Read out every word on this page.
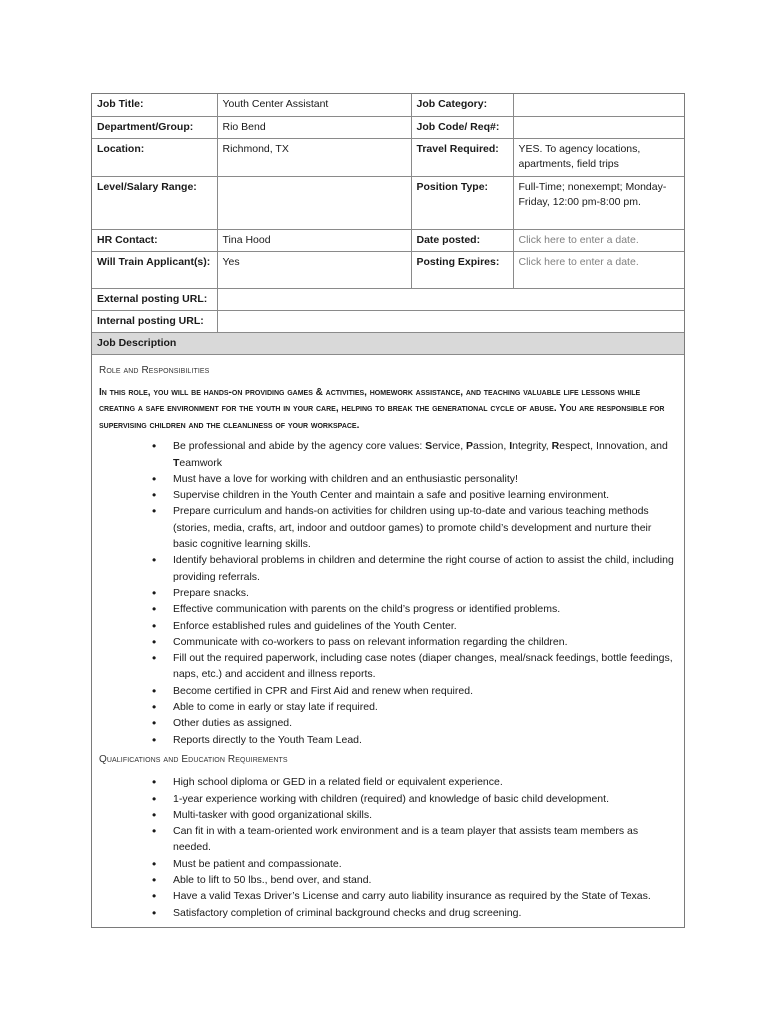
Job Title:	Youth Center Assistant	Job Category:	
Department/Group:	Rio Bend	Job Code/ Req#:	
Location:	Richmond, TX	Travel Required:	YES. To agency locations, apartments, field trips
Level/Salary Range:		Position Type:	Full-Time; nonexempt; Monday-Friday, 12:00 pm-8:00 pm.
HR Contact:	Tina Hood	Date posted:	Click here to enter a date.
Will Train Applicant(s):	Yes	Posting Expires:	Click here to enter a date.
External posting URL:			
Internal posting URL:			
Job Description			
Role and Responsibilities

In this role, you will be hands-on providing games & activities, homework assistance, and teaching valuable life lessons while creating a safe environment for the youth in your care, helping to break the generational cycle of abuse. You are responsible for supervising children and the cleanliness of your workspace.

• Be professional and abide by the agency core values: Service, Passion, Integrity, Respect, Innovation, and Teamwork
• Must have a love for working with children and an enthusiastic personality!
• Supervise children in the Youth Center and maintain a safe and positive learning environment.
• Prepare curriculum and hands-on activities for children using up-to-date and various teaching methods (stories, media, crafts, art, indoor and outdoor games) to promote child’s development and nurture their basic cognitive learning skills.
• Identify behavioral problems in children and determine the right course of action to assist the child, including providing referrals.
• Prepare snacks.
• Effective communication with parents on the child’s progress or identified problems.
• Enforce established rules and guidelines of the Youth Center.
• Communicate with co-workers to pass on relevant information regarding the children.
• Fill out the required paperwork, including case notes (diaper changes, meal/snack feedings, bottle feedings, naps, etc.) and accident and illness reports.
• Become certified in CPR and First Aid and renew when required.
• Able to come in early or stay late if required.
• Other duties as assigned.
• Reports directly to the Youth Team Lead.
Qualifications and Education Requirements
• High school diploma or GED in a related field or equivalent experience.
• 1-year experience working with children (required) and knowledge of basic child development.
• Multi-tasker with good organizational skills.
• Can fit in with a team-oriented work environment and is a team player that assists team members as needed.
• Must be patient and compassionate.
• Able to lift to 50 lbs., bend over, and stand.
• Have a valid Texas Driver’s License and carry auto liability insurance as required by the State of Texas.
• Satisfactory completion of criminal background checks and drug screening.
